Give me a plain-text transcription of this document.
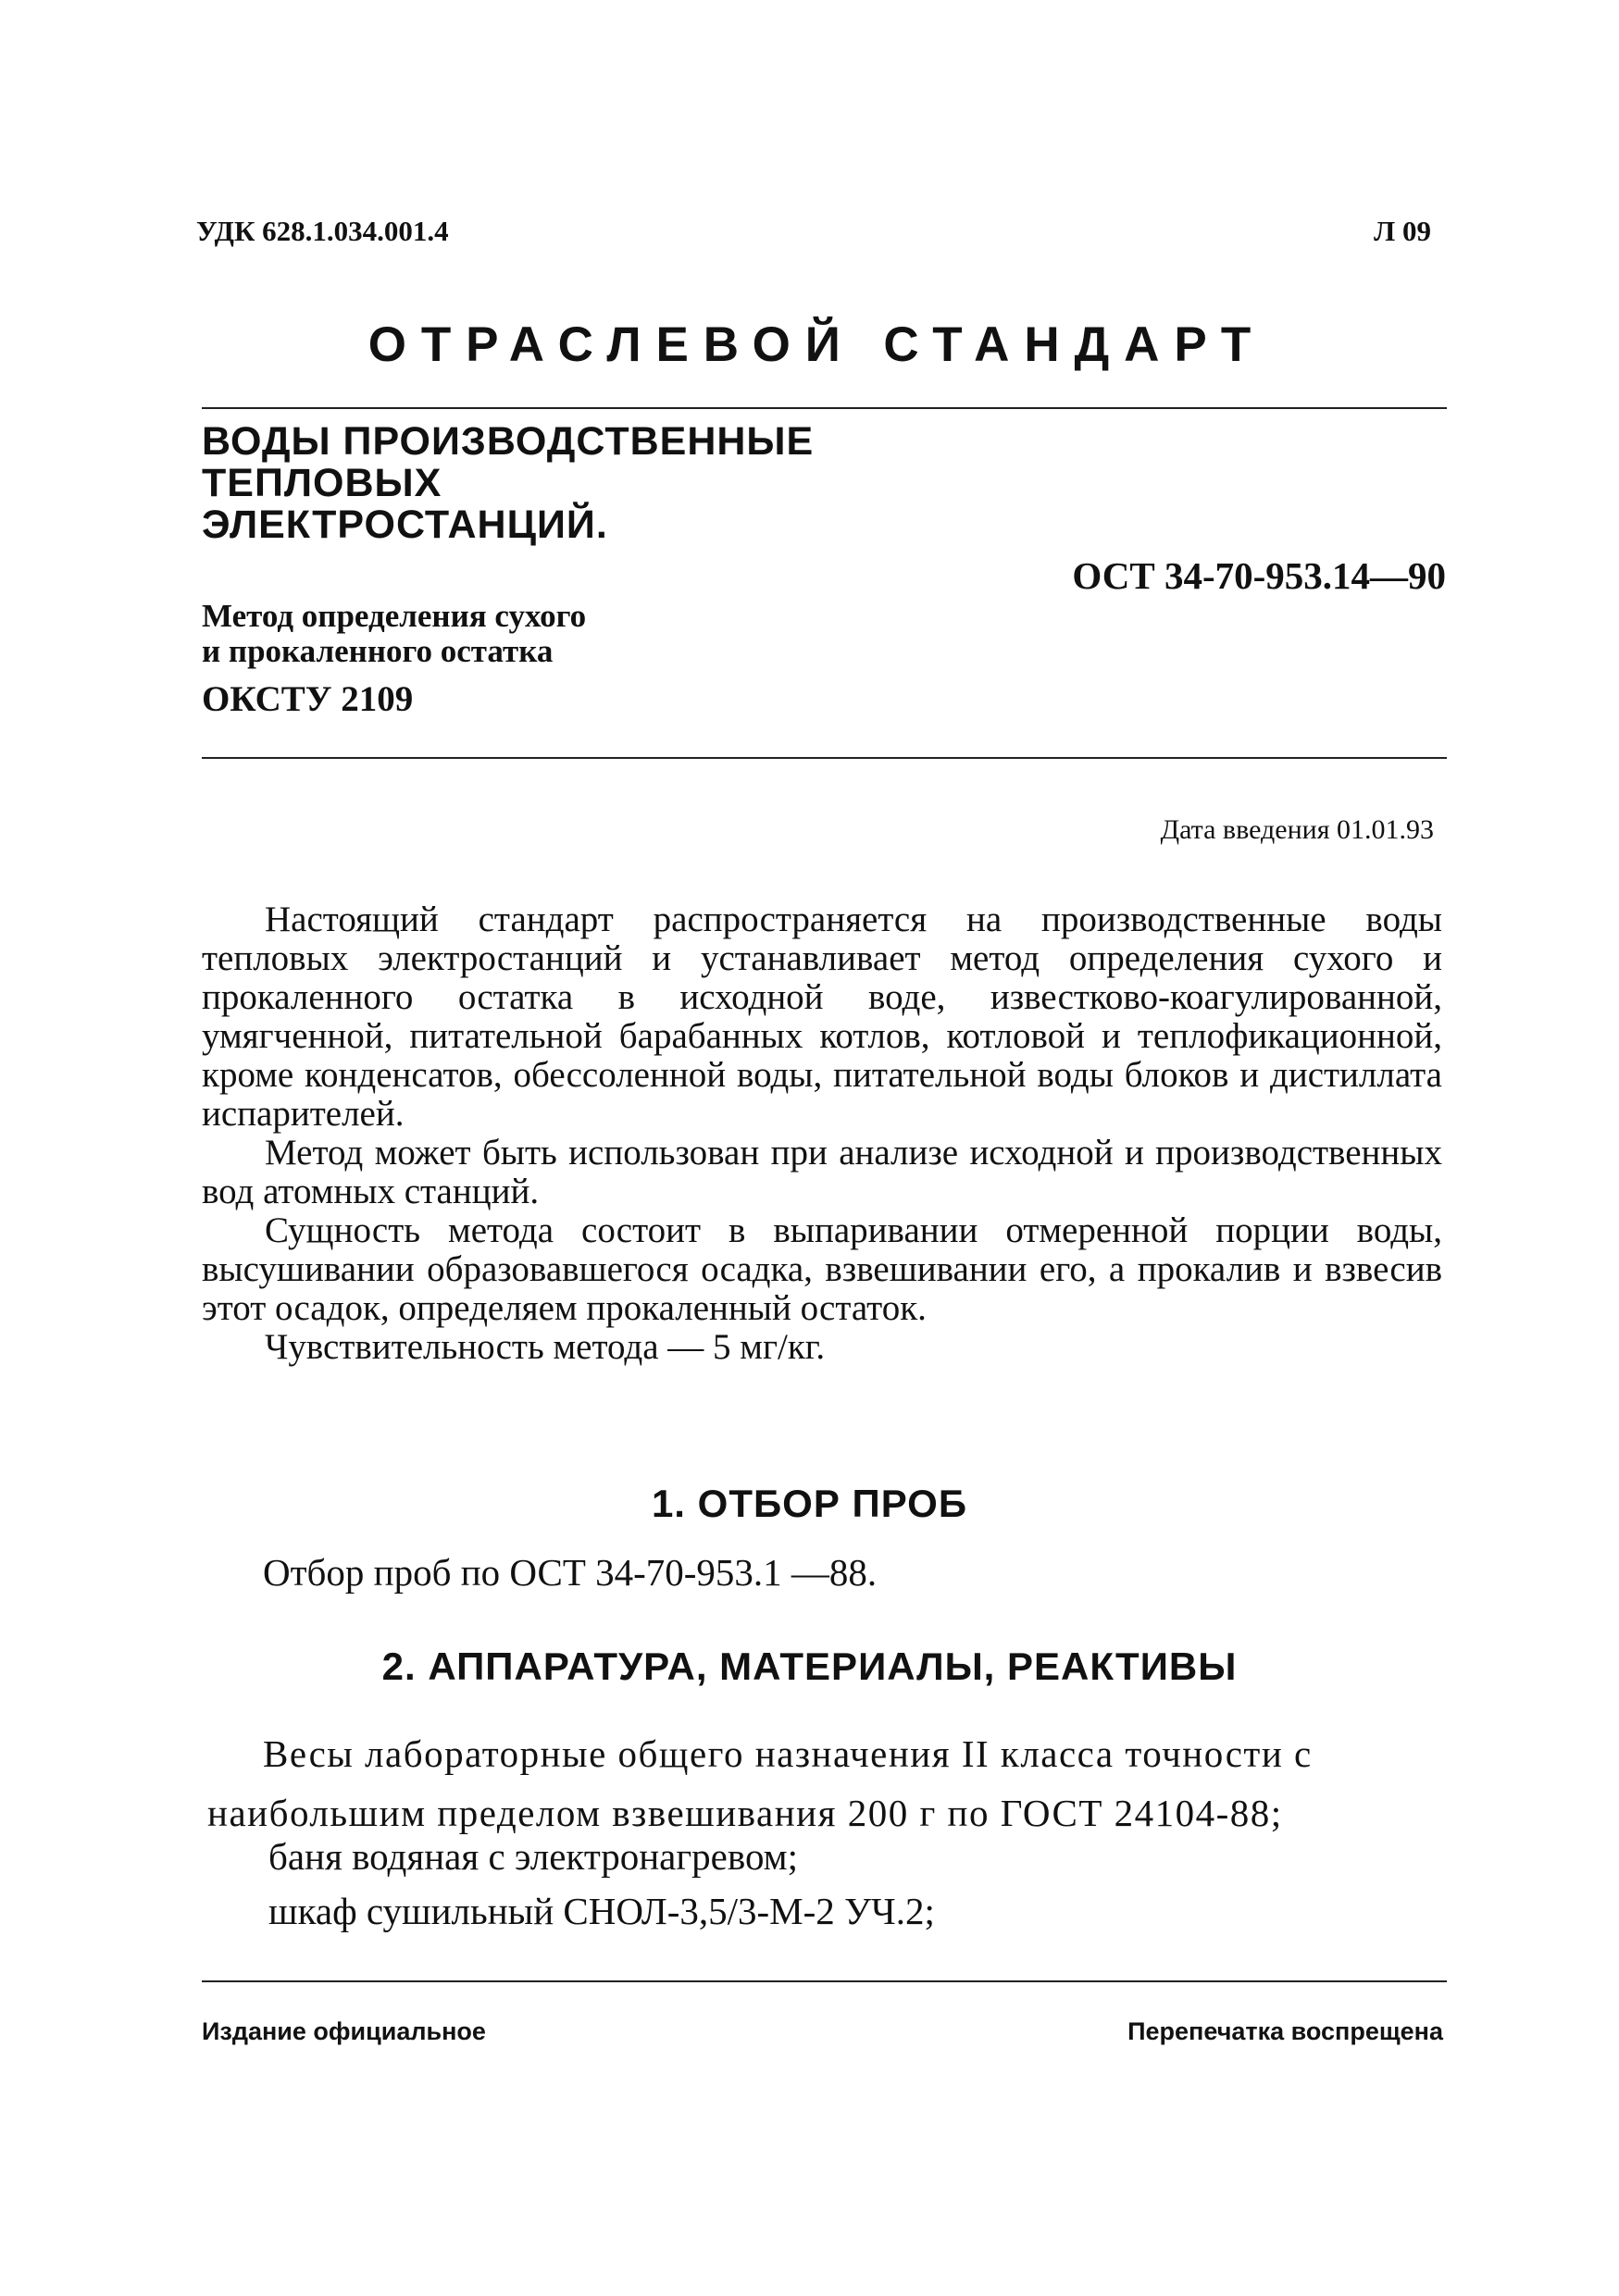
УДК 628.1.034.001.4	Л 09
ОТРАСЛЕВОЙ СТАНДАРТ
ВОДЫ ПРОИЗВОДСТВЕННЫЕ
ТЕПЛОВЫХ
ЭЛЕКТРОСТАНЦИЙ.
ОСТ 34-70-953.14—90
Метод определения сухого
и прокаленного остатка
ОКСТУ 2109
Дата введения 01.01.93

Настоящий стандарт распространяется на производственные воды тепловых электростанций и устанавливает метод определения сухого и прокаленного остатка в исходной воде, известково-коагулированной, умягченной, питательной барабанных котлов, котловой и теплофикационной, кроме конденсатов, обессоленной воды, питательной воды блоков и дистиллата испарителей.

Метод может быть использован при анализе исходной и производственных вод атомных станций.

Сущность метода состоит в выпаривании отмеренной порции воды, высушивании образовавшегося осадка, взвешивании его, а прокалив и взвесив этот осадок, определяем прокаленный остаток.

Чувствительность метода — 5 мг/кг.

1. ОТБОР ПРОБ
Отбор проб по ОСТ 34-70-953.1 —88.
2. АППАРАТУРА, МАТЕРИАЛЫ, РЕАКТИВЫ
Весы лабораторные общего назначения II класса точности с
наибольшим пределом взвешивания 200 г по ГОСТ 24104-88;
баня водяная с электронагревом;
шкаф сушильный СНОЛ-3,5/3-М-2 УЧ.2;
Издание официальное	Перепечатка воспрещена
